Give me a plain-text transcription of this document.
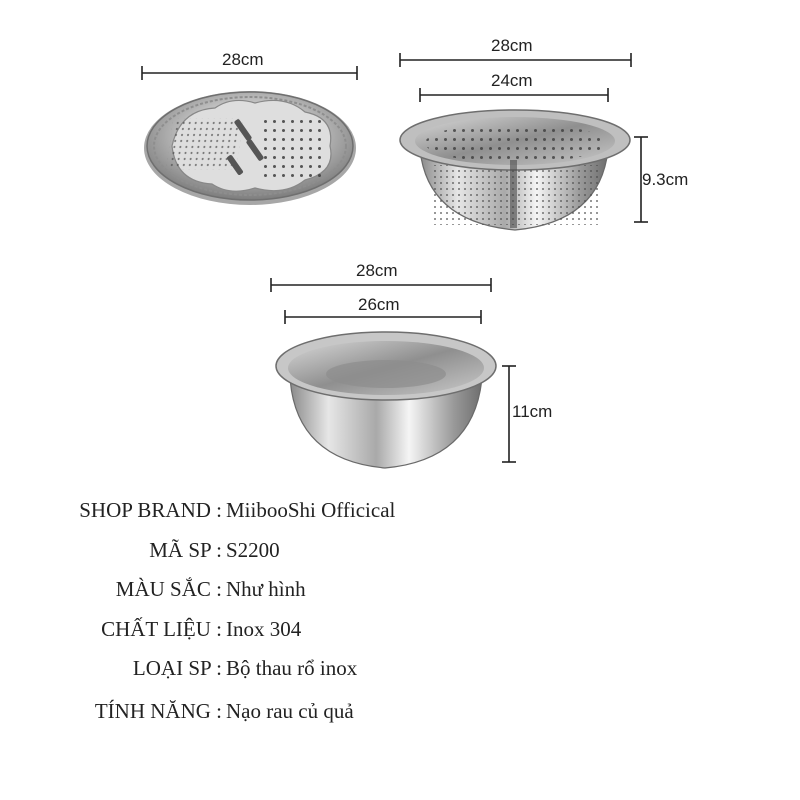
28cm
28cm
24cm
9.3cm
28cm
26cm
11cm
SHOP BRAND : MiibooShi Officical
MÃ SP : S2200
MÀU SẮC : Như hình
CHẤT LIỆU : Inox 304
LOẠI SP : Bộ thau rổ inox
TÍNH NĂNG : Nạo rau củ quả
